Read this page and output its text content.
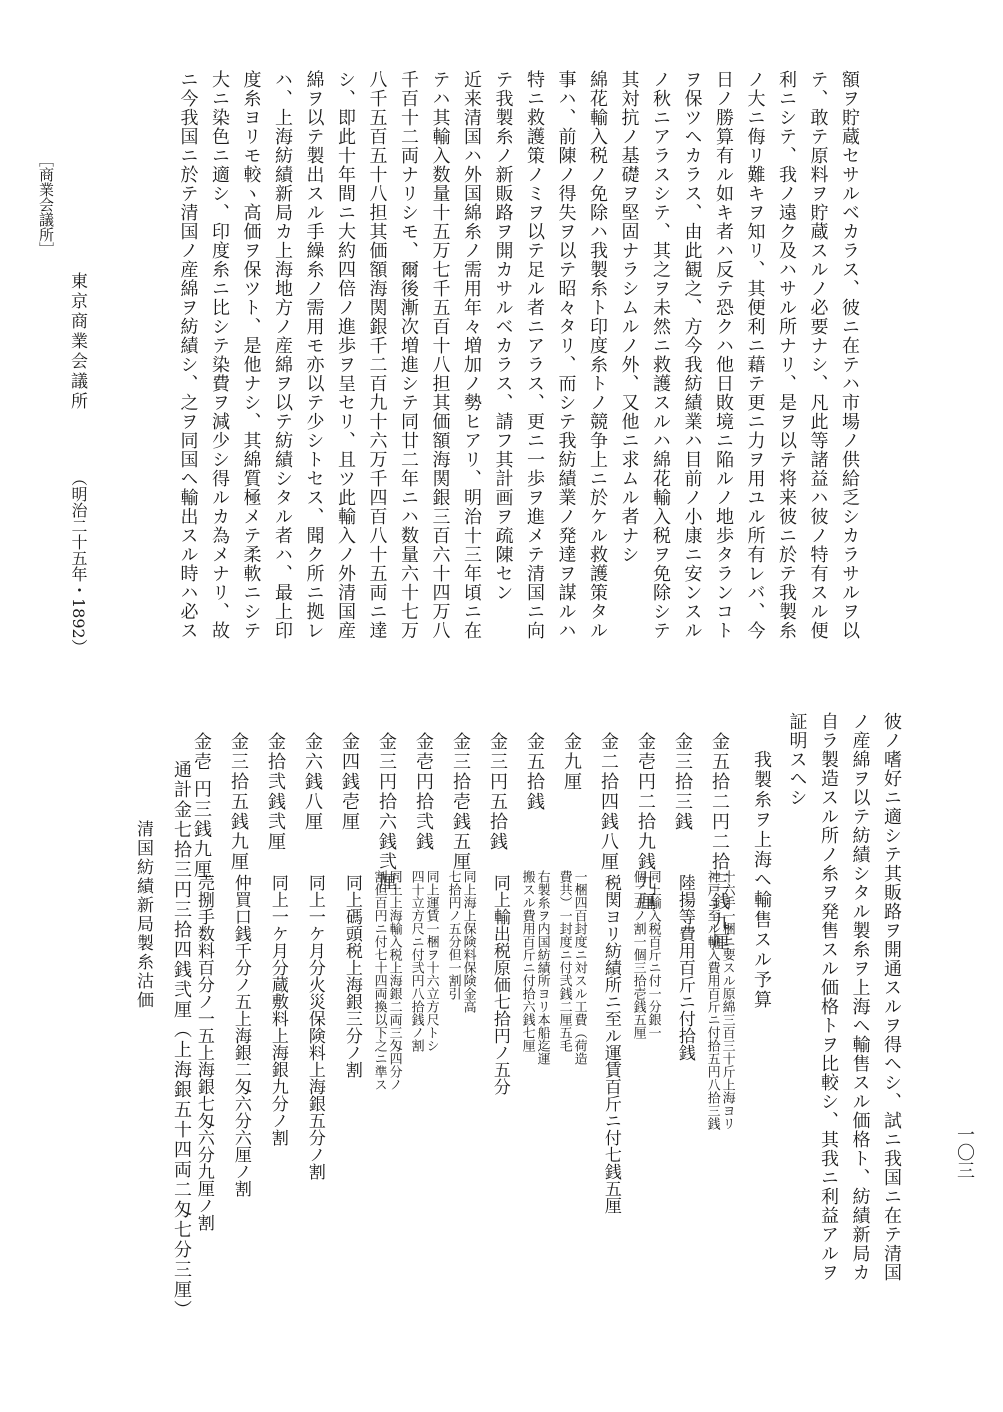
［商業会議所］
東京商業会議所
（明治二十五年・1892）
一〇三
額ヲ貯蔵セサルベカラス、彼ニ在テハ市場ノ供給乏シカラサルヲ以
テ、敢テ原料ヲ貯蔵スルノ必要ナシ、凡此等諸益ハ彼ノ特有スル便
利ニシテ、我ノ遠ク及ハサル所ナリ、是ヲ以テ将来彼ニ於テ我製糸
ノ大ニ侮リ難キヲ知リ、其便利ニ藉テ更ニ力ヲ用ユル所有レバ、今
日ノ勝算有ル如キ者ハ反テ恐クハ他日敗境ニ陥ルノ地歩タランコト
ヲ保ツヘカラス、由此観之、方今我紡績業ハ目前ノ小康ニ安ンスル
ノ秋ニアラスシテ、其之ヲ未然ニ救護スルハ綿花輸入税ヲ免除シテ
其対抗ノ基礎ヲ堅固ナラシムルノ外、又他ニ求ムル者ナシ
綿花輸入税ノ免除ハ我製糸ト印度糸トノ競争上ニ於ケル救護策タル
事ハ、前陳ノ得失ヲ以テ昭々タリ、而シテ我紡績業ノ発達ヲ謀ルハ
特ニ救護策ノミヲ以テ足ル者ニアラス、更ニ一歩ヲ進メテ清国ニ向
テ我製糸ノ新販路ヲ開カサルベカラス、請フ其計画ヲ疏陳セン
近来清国ハ外国綿糸ノ需用年々増加ノ勢ヒアリ、明治十三年頃ニ在
テハ其輸入数量十五万七千五百十八担其価額海関銀三百六十四万八
千百十二両ナリシモ、爾後漸次増進シテ同廿二年ニハ数量六十七万
八千五百五十八担其価額海関銀千二百九十六万千四百八十五両ニ達
シ、即此十年間ニ大約四倍ノ進歩ヲ呈セリ、且ツ此輸入ノ外清国産
綿ヲ以テ製出スル手繰糸ノ需用モ亦以テ少シトセス、聞ク所ニ拠レ
ハ、上海紡績新局カ上海地方ノ産綿ヲ以テ紡績シタル者ハ、最上印
度糸ヨリモ較ヽ高価ヲ保ツト、是他ナシ、其綿質極メテ柔軟ニシテ
大ニ染色ニ適シ、印度糸ニ比シテ染費ヲ減少シ得ルカ為メナリ、故
ニ今我国ニ於テ清国ノ産綿ヲ紡績シ、之ヲ同国ヘ輸出スル時ハ必ス
彼ノ嗜好ニ適シテ其販路ヲ開通スルヲ得ヘシ、試ニ我国ニ在テ清国
ノ産綿ヲ以テ紡績シタル製糸ヲ上海ヘ輸售スル価格ト、紡績新局カ
自ラ製造スル所ノ糸ヲ発售スル価格トヲ比較シ、其我ニ利益アルヲ
証明スヘシ
我製糸ヲ上海ヘ輸售スル予算
金五拾二円二拾三銭九厘
十六手一梱ニ要スル原綿三百三十斤上海ヨリ
神戸ニ至ル輸入費用百斤ニ付拾五円八拾三銭
金三拾三銭
陸揚等費用百斤ニ付拾銭
金壱円二拾九銭九厘
同上輸入税百斤ニ付一分銀一
個二五ノ割一個三拾壱銭五厘
金二拾四銭八厘
税関ヨリ紡績所ニ至ル運賃百斤ニ付七銭五厘
金九厘
一梱四百封度ニ対スル工費（荷造
費共）一封度ニ付弐銭二厘五毛
金五拾銭
右製糸ヲ内国紡績所ヨリ本船迄運
搬スル費用百斤ニ付拾六銭七厘
金三円五拾銭
同上輸出税原価七拾円ノ五分
金三拾壱銭五厘
同上海上保険料保険金高
七拾円ノ五分但一割引
金壱円拾弐銭
同上運賃一梱ヲ十六立方尺トシ
四十立方尺ニ付弐円八拾銭ノ割
金三円拾六銭弐厘
同上上海輸入税上海銀二両三匁四分ノ
割但百円ニ付七十四両換以下之ニ準ス
金四銭壱厘
同上碼頭税上海銀三分ノ割
金六銭八厘
同上一ケ月分火災保険料上海銀五分ノ割
金拾弐銭弐厘
同上一ケ月分蔵敷料上海銀九分ノ割
金三拾五銭九厘
仲買口銭千分ノ五上海銀二匁六分六厘ノ割
金壱 円三銭九厘
売捌手数料百分ノ一五上海銀七匁六分九厘ノ割
通計金七拾三円三拾四銭弐厘（上海銀五十四両二匁七分三厘）
清国紡績新局製糸沽価
